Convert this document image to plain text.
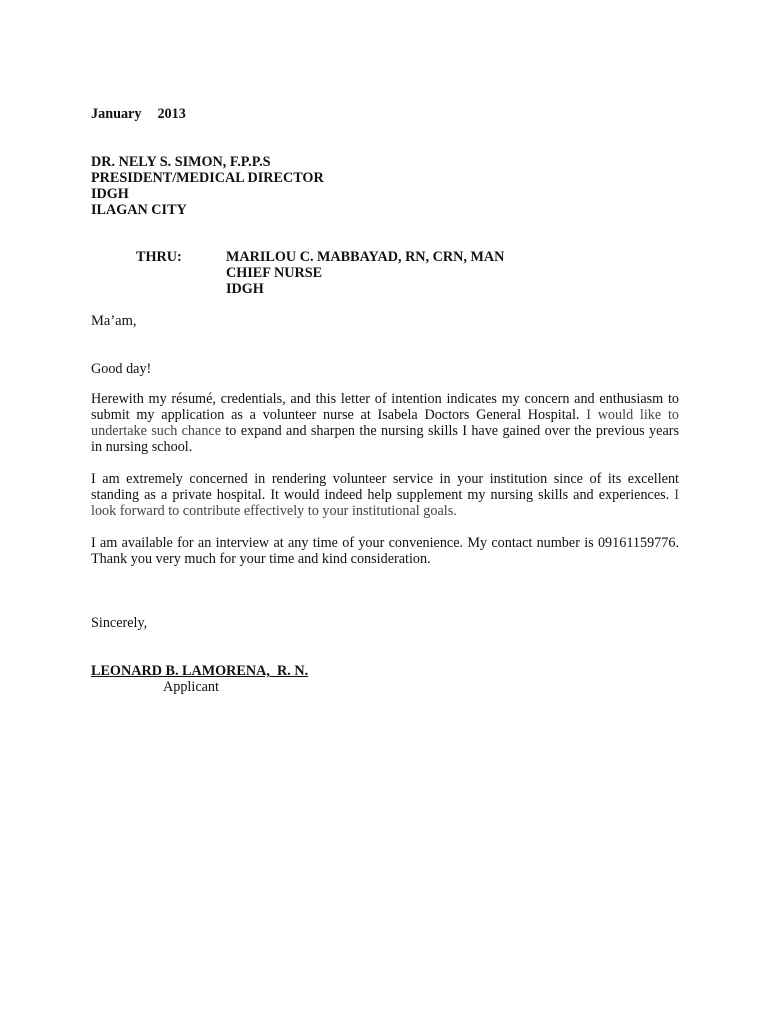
January 2013
DR. NELY S. SIMON, F.P.P.S
PRESIDENT/MEDICAL DIRECTOR
IDGH
ILAGAN CITY
THRU:	MARILOU C. MABBAYAD, RN, CRN, MAN
CHIEF NURSE
IDGH
Ma’am,
Good day!
Herewith my résumé, credentials, and this letter of intention indicates my concern and enthusiasm to submit my application as a volunteer nurse at Isabela Doctors General Hospital. I would like to undertake such chance to expand and sharpen the nursing skills I have gained over the previous years in nursing school.
I am extremely concerned in rendering volunteer service in your institution since of its excellent standing as a private hospital. It would indeed help supplement my nursing skills and experiences. I look forward to contribute effectively to your institutional goals.
I am available for an interview at any time of your convenience. My contact number is 09161159776. Thank you very much for your time and kind consideration.
Sincerely,
LEONARD B. LAMORENA,  R. N.
Applicant
